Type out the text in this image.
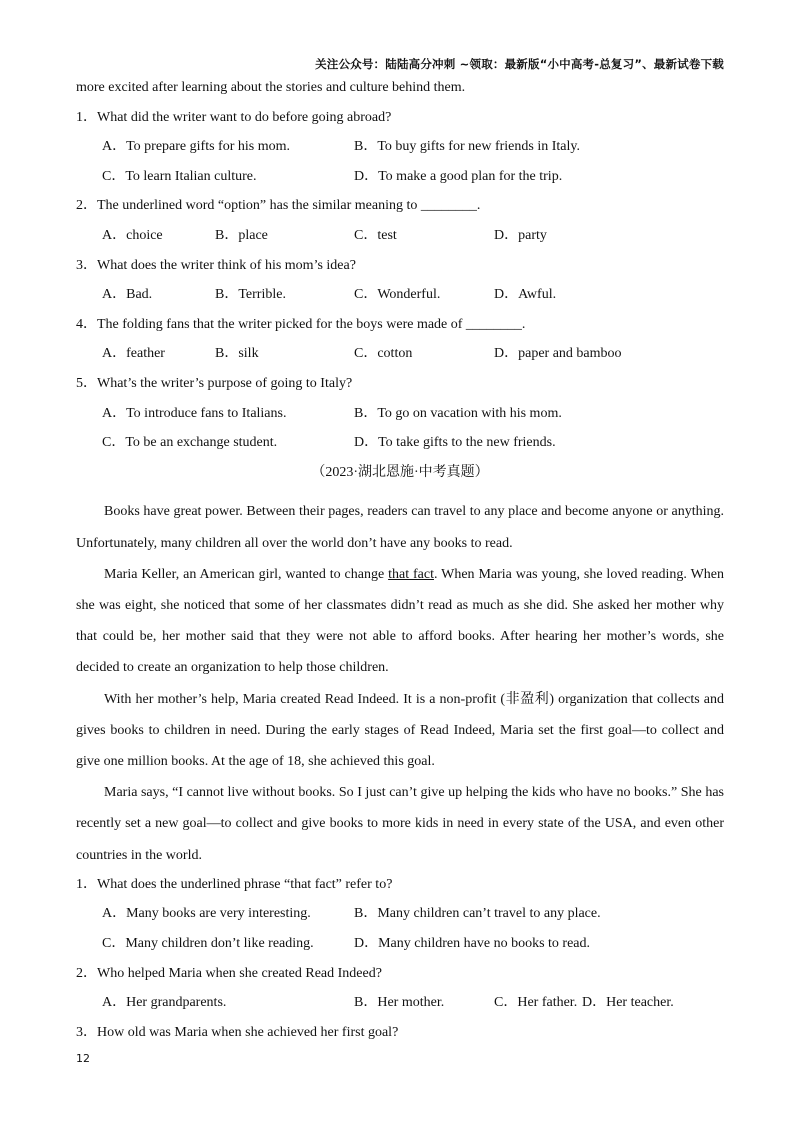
关注公众号：陆陆高分冲刺 ~领取：最新版“小中高考-总复习”、最新试卷下载
more excited after learning about the stories and culture behind them.
1．What did the writer want to do before going abroad?
A．To prepare gifts for his mom.	B．To buy gifts for new friends in Italy.
C．To learn Italian culture.	D．To make a good plan for the trip.
2．The underlined word “option” has the similar meaning to ________.
A．choice	B．place	C．test	D．party
3．What does the writer think of his mom’s idea?
A．Bad.	B．Terrible.	C．Wonderful.	D．Awful.
4．The folding fans that the writer picked for the boys were made of ________.
A．feather	B．silk	C．cotton	D．paper and bamboo
5．What’s the writer’s purpose of going to Italy?
A．To introduce fans to Italians.	B．To go on vacation with his mom.
C．To be an exchange student.	D．To take gifts to the new friends.
（2023·湖北恩施·中考真题）

Books have great power. Between their pages, readers can travel to any place and become anyone or anything. Unfortunately, many children all over the world don’t have any books to read.

Maria Keller, an American girl, wanted to change that fact. When Maria was young, she loved reading. When she was eight, she noticed that some of her classmates didn’t read as much as she did. She asked her mother why that could be, her mother said that they were not able to afford books. After hearing her mother’s words, she decided to create an organization to help those children.

With her mother’s help, Maria created Read Indeed. It is a non-profit (非盈利) organization that collects and gives books to children in need. During the early stages of Read Indeed, Maria set the first goal—to collect and give one million books. At the age of 18, she achieved this goal.

Maria says, “I cannot live without books. So I just can’t give up helping the kids who have no books.” She has recently set a new goal—to collect and give books to more kids in need in every state of the USA, and even other countries in the world.

1．What does the underlined phrase “that fact” refer to?
A．Many books are very interesting.	B．Many children can’t travel to any place.
C．Many children don’t like reading.	D．Many children have no books to read.
2．Who helped Maria when she created Read Indeed?
A．Her grandparents.	B．Her mother.	C．Her father. D．Her teacher.
3．How old was Maria when she achieved her first goal?
12
